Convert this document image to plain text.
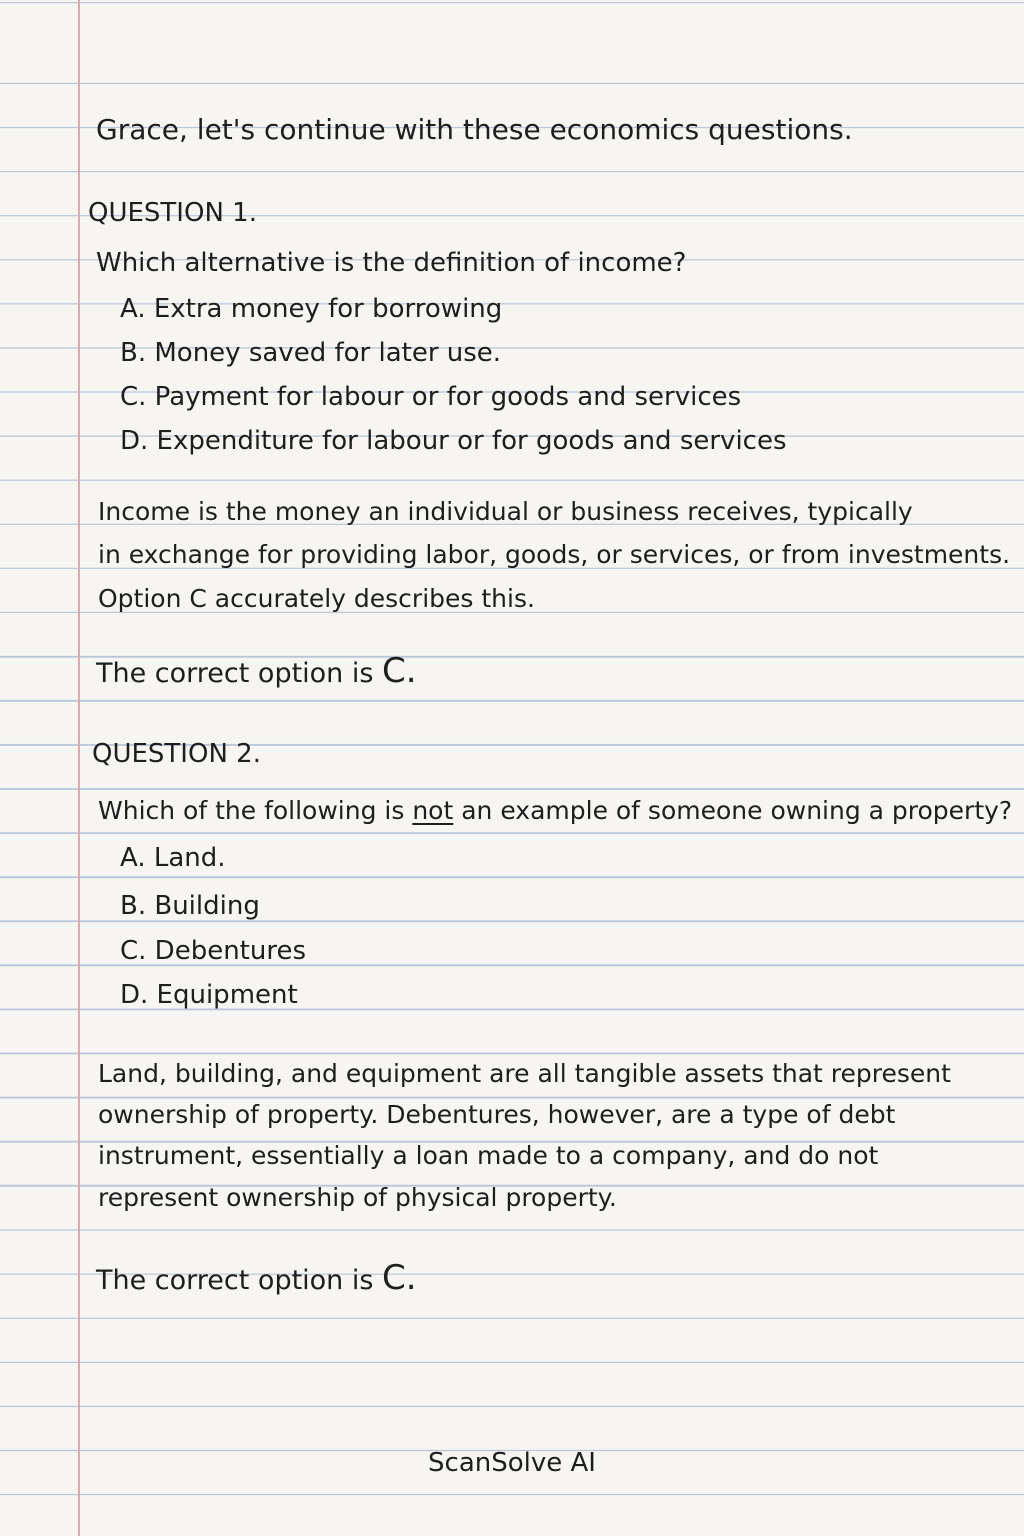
Grace, let's continue with these economics questions.
QUESTION 1.
Which alternative is the definition of income?
A. Extra money for borrowing
B. Money saved for later use.
C. Payment for labour or for goods and services
D. Expenditure for labour or for goods and services
Income is the money an individual or business receives, typically
in exchange for providing labor, goods, or services, or from investments.
Option C accurately describes this.
The correct option is C.
QUESTION 2.
Which of the following is not an example of someone owning a property?
A. Land.
B. Building
C. Debentures
D. Equipment
Land, building, and equipment are all tangible assets that represent
ownership of property. Debentures, however, are a type of debt
instrument, essentially a loan made to a company, and do not
represent ownership of physical property.
The correct option is C.
ScanSolve AI
